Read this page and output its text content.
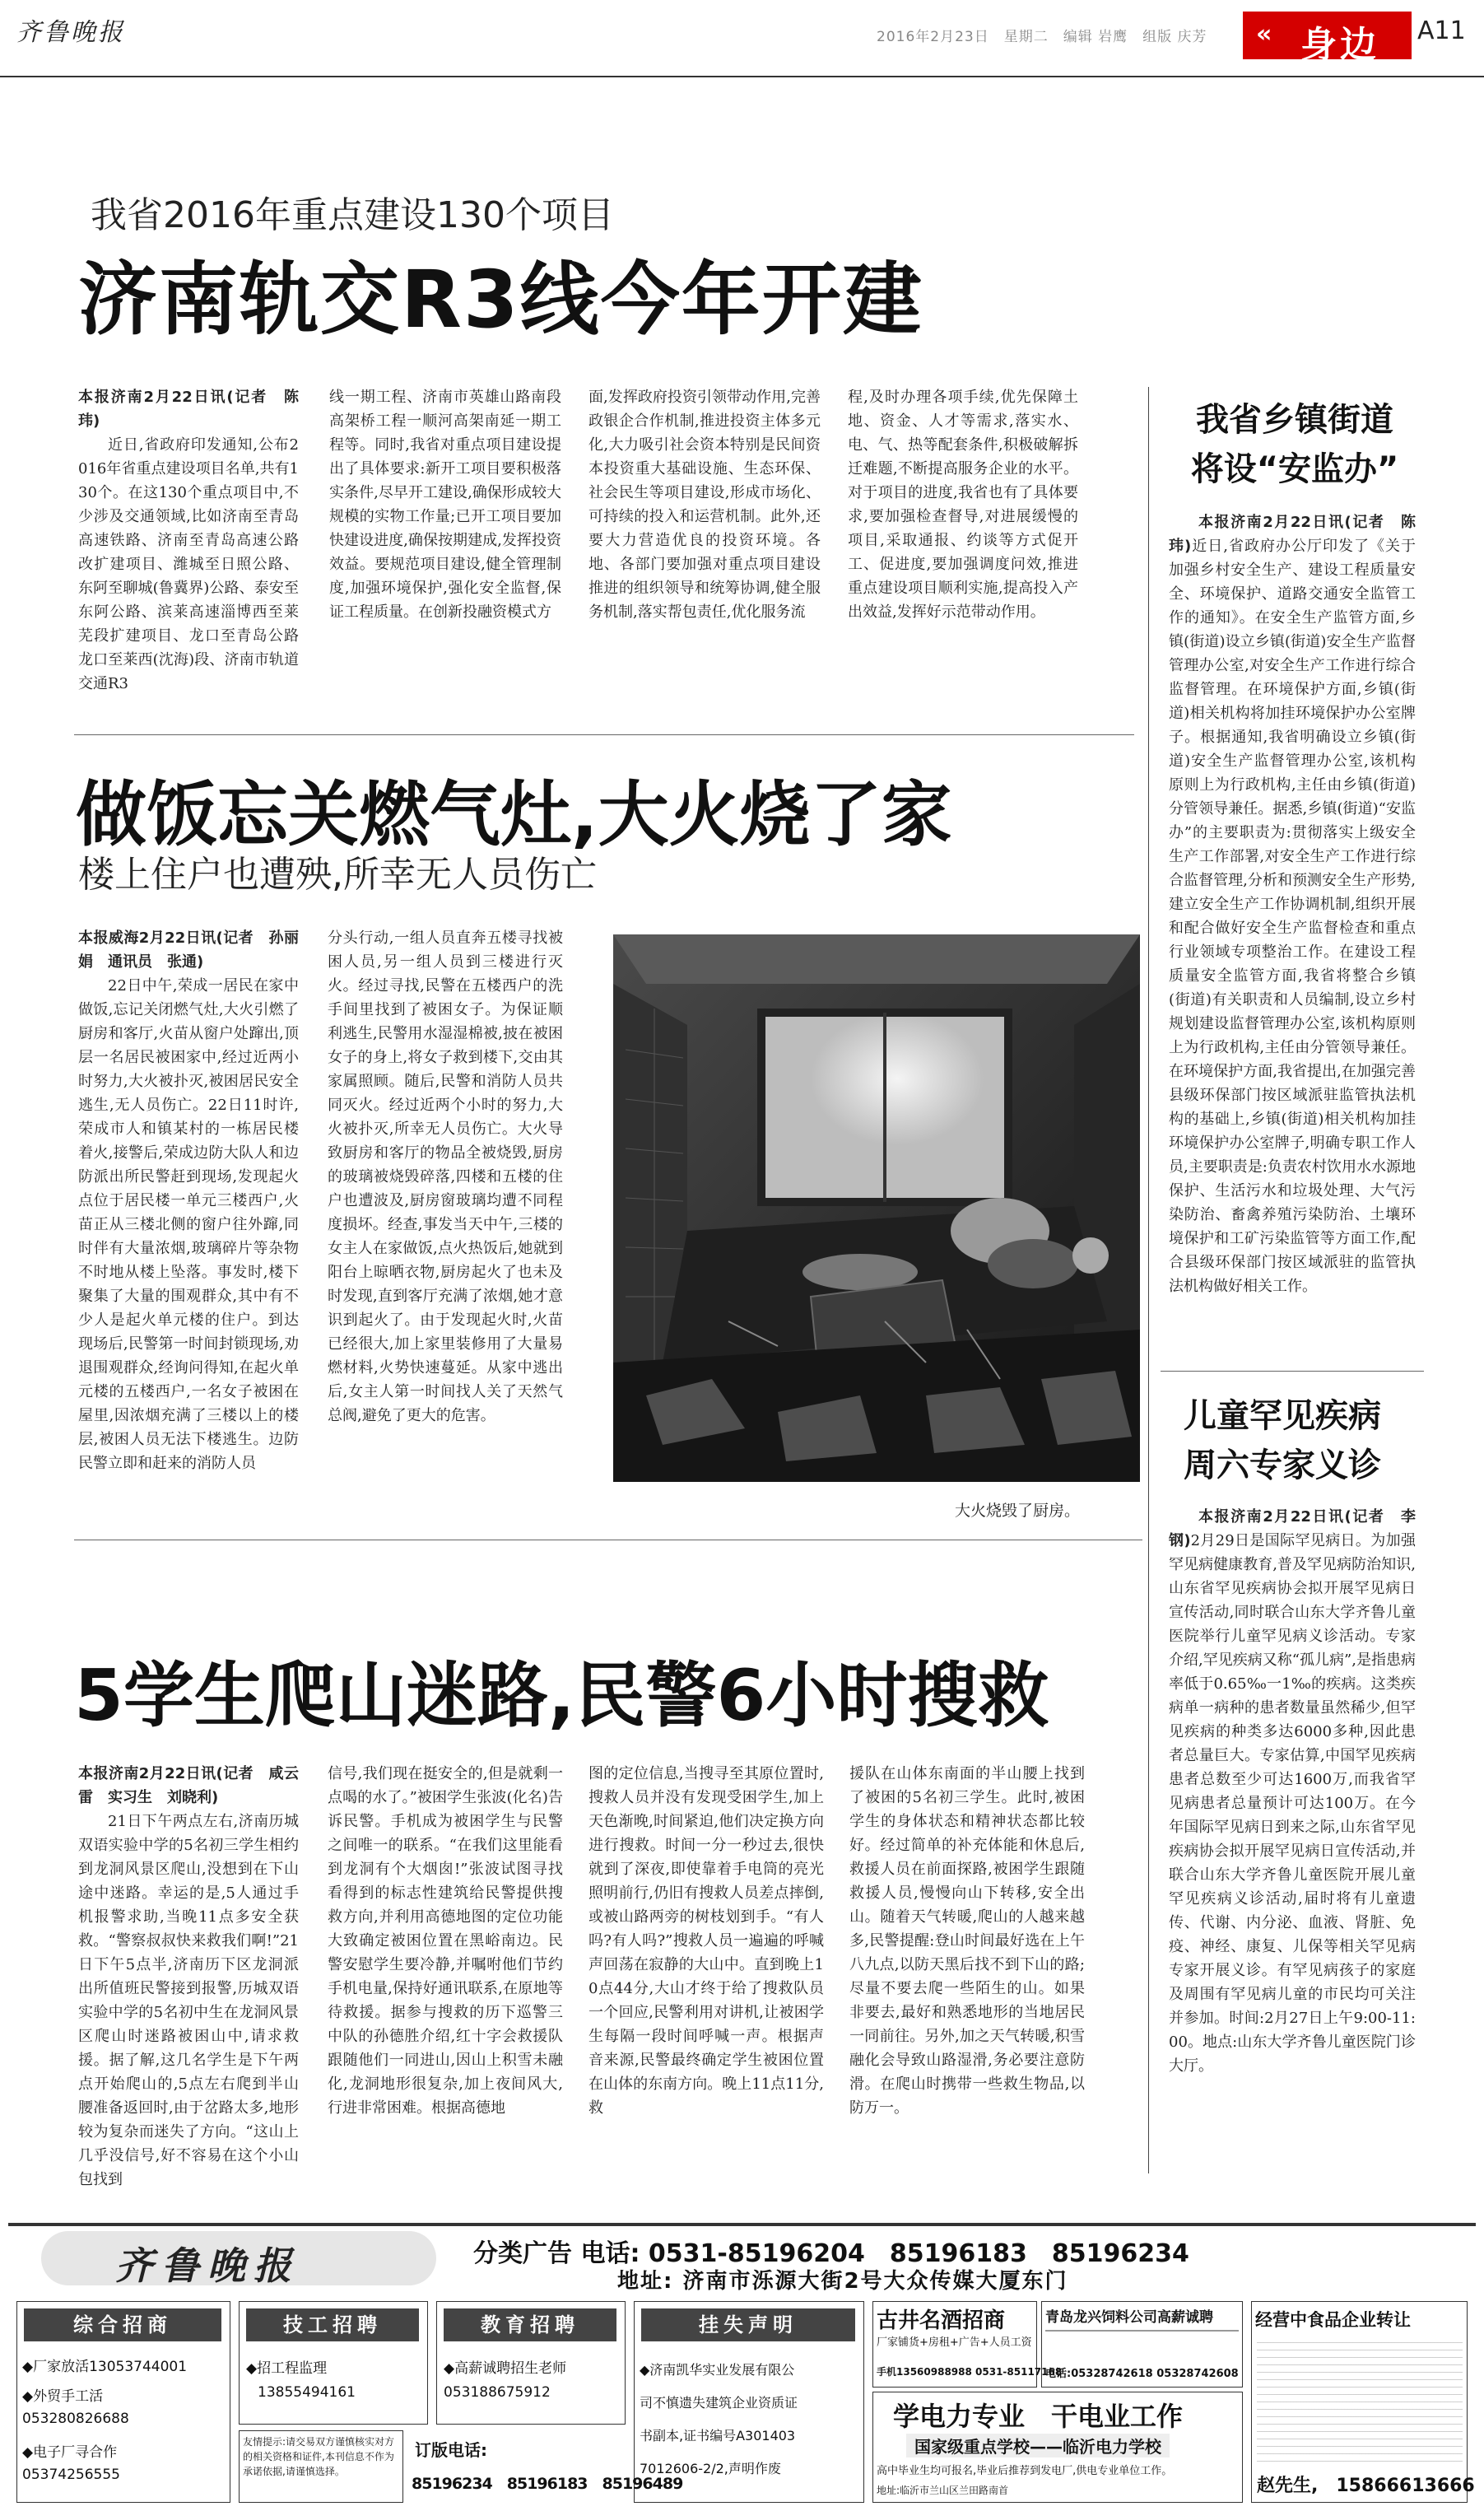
齐鲁晚报	2016年2月23日　星期二　编辑 岩鹰　组版 庆芳 « 身边 A11
我省2016年重点建设130个项目
济南轨交R3线今年开建

本报济南2月22日讯(记者　陈玮)

近日,省政府印发通知,公布2016年省重点建设项目名单,共有130个。在这130个重点项目中,不少涉及交通领域,比如济南至青岛高速铁路、济南至青岛高速公路改扩建项目、潍城至日照公路、东阿至聊城(鲁冀界)公路、泰安至东阿公路、滨莱高速淄博西至莱芜段扩建项目、龙口至青岛公路龙口至莱西(沈海)段、济南市轨道交通R3

线一期工程、济南市英雄山路南段高架桥工程一顺河高架南延一期工程等。同时,我省对重点项目建设提出了具体要求:新开工项目要积极落实条件,尽早开工建设,确保形成较大规模的实物工作量;已开工项目要加快建设进度,确保按期建成,发挥投资效益。要规范项目建设,健全管理制度,加强环境保护,强化安全监督,保证工程质量。在创新投融资模式方

面,发挥政府投资引领带动作用,完善政银企合作机制,推进投资主体多元化,大力吸引社会资本特别是民间资本投资重大基础设施、生态环保、社会民生等项目建设,形成市场化、可持续的投入和运营机制。此外,还要大力营造优良的投资环境。各地、各部门要加强对重点项目建设推进的组织领导和统筹协调,健全服务机制,落实帮包责任,优化服务流

程,及时办理各项手续,优先保障土地、资金、人才等需求,落实水、电、气、热等配套条件,积极破解拆迁难题,不断提高服务企业的水平。对于项目的进度,我省也有了具体要求,要加强检查督导,对进展缓慢的项目,采取通报、约谈等方式促开工、促进度,要加强调度问效,推进重点建设项目顺利实施,提高投入产出效益,发挥好示范带动作用。

我省乡镇街道
将设“安监办”

本报济南2月22日讯(记者　陈玮)近日,省政府办公厅印发了《关于加强乡村安全生产、建设工程质量安全、环境保护、道路交通安全监管工作的通知》。在安全生产监管方面,乡镇(街道)设立乡镇(街道)安全生产监督管理办公室,对安全生产工作进行综合监督管理。在环境保护方面,乡镇(街道)相关机构将加挂环境保护办公室牌子。根据通知,我省明确设立乡镇(街道)安全生产监督管理办公室,该机构原则上为行政机构,主任由乡镇(街道)分管领导兼任。据悉,乡镇(街道)“安监办”的主要职责为:贯彻落实上级安全生产工作部署,对安全生产工作进行综合监督管理,分析和预测安全生产形势,建立安全生产工作协调机制,组织开展和配合做好安全生产监督检查和重点行业领域专项整治工作。在建设工程质量安全监管方面,我省将整合乡镇(街道)有关职责和人员编制,设立乡村规划建设监督管理办公室,该机构原则上为行政机构,主任由分管领导兼任。在环境保护方面,我省提出,在加强完善县级环保部门按区域派驻监管执法机构的基础上,乡镇(街道)相关机构加挂环境保护办公室牌子,明确专职工作人员,主要职责是:负责农村饮用水水源地保护、生活污水和垃圾处理、大气污染防治、畜禽养殖污染防治、土壤环境保护和工矿污染监管等方面工作,配合县级环保部门按区域派驻的监管执法机构做好相关工作。

做饭忘关燃气灶,大火烧了家
楼上住户也遭殃,所幸无人员伤亡

本报威海2月22日讯(记者　孙丽娟　通讯员　张通)

22日中午,荣成一居民在家中做饭,忘记关闭燃气灶,大火引燃了厨房和客厅,火苗从窗户处蹿出,顶层一名居民被困家中,经过近两小时努力,大火被扑灭,被困居民安全逃生,无人员伤亡。22日11时许,荣成市人和镇某村的一栋居民楼着火,接警后,荣成边防大队人和边防派出所民警赶到现场,发现起火点位于居民楼一单元三楼西户,火苗正从三楼北侧的窗户往外蹿,同时伴有大量浓烟,玻璃碎片等杂物不时地从楼上坠落。事发时,楼下聚集了大量的围观群众,其中有不少人是起火单元楼的住户。到达现场后,民警第一时间封锁现场,劝退围观群众,经询问得知,在起火单元楼的五楼西户,一名女子被困在屋里,因浓烟充满了三楼以上的楼层,被困人员无法下楼逃生。边防民警立即和赶来的消防人员

分头行动,一组人员直奔五楼寻找被困人员,另一组人员到三楼进行灭火。经过寻找,民警在五楼西户的洗手间里找到了被困女子。为保证顺利逃生,民警用水湿湿棉被,披在被困女子的身上,将女子救到楼下,交由其家属照顾。随后,民警和消防人员共同灭火。经过近两个小时的努力,大火被扑灭,所幸无人员伤亡。大火导致厨房和客厅的物品全被烧毁,厨房的玻璃被烧毁碎落,四楼和五楼的住户也遭波及,厨房窗玻璃均遭不同程度损坏。经查,事发当天中午,三楼的女主人在家做饭,点火热饭后,她就到阳台上晾晒衣物,厨房起火了也未及时发现,直到客厅充满了浓烟,她才意识到起火了。由于发现起火时,火苗已经很大,加上家里装修用了大量易燃材料,火势快速蔓延。从家中逃出后,女主人第一时间找人关了天然气总阀,避免了更大的危害。

大火烧毁了厨房。
儿童罕见疾病
周六专家义诊

本报济南2月22日讯(记者　李钢)2月29日是国际罕见病日。为加强罕见病健康教育,普及罕见病防治知识,山东省罕见疾病协会拟开展罕见病日宣传活动,同时联合山东大学齐鲁儿童医院举行儿童罕见病义诊活动。专家介绍,罕见疾病又称“孤儿病”,是指患病率低于0.65‰一1‰的疾病。这类疾病单一病种的患者数量虽然稀少,但罕见疾病的种类多达6000多种,因此患者总量巨大。专家估算,中国罕见疾病患者总数至少可达1600万,而我省罕见病患者总量预计可达100万。在今年国际罕见病日到来之际,山东省罕见疾病协会拟开展罕见病日宣传活动,并联合山东大学齐鲁儿童医院开展儿童罕见疾病义诊活动,届时将有儿童遗传、代谢、内分泌、血液、肾脏、免疫、神经、康复、儿保等相关罕见病专家开展义诊。有罕见病孩子的家庭及周围有罕见病儿童的市民均可关注并参加。时间:2月27日上午9:00-11:00。地点:山东大学齐鲁儿童医院门诊大厅。

5学生爬山迷路,民警6小时搜救

本报济南2月22日讯(记者　咸云雷　实习生　刘晓利)

21日下午两点左右,济南历城双语实验中学的5名初三学生相约到龙洞风景区爬山,没想到在下山途中迷路。幸运的是,5人通过手机报警求助,当晚11点多安全获救。“警察叔叔快来救我们啊!”21日下午5点半,济南历下区龙洞派出所值班民警接到报警,历城双语实验中学的5名初中生在龙洞风景区爬山时迷路被困山中,请求救援。据了解,这几名学生是下午两点开始爬山的,5点左右爬到半山腰准备返回时,由于岔路太多,地形较为复杂而迷失了方向。“这山上几乎没信号,好不容易在这个小山包找到

信号,我们现在挺安全的,但是就剩一点喝的水了。”被困学生张波(化名)告诉民警。手机成为被困学生与民警之间唯一的联系。“在我们这里能看到龙洞有个大烟囱!”张波试图寻找看得到的标志性建筑给民警提供搜救方向,并利用高德地图的定位功能大致确定被困位置在黑峪南边。民警安慰学生要冷静,并嘱咐他们节约手机电量,保持好通讯联系,在原地等待救援。据参与搜救的历下巡警三中队的孙德胜介绍,红十字会救援队跟随他们一同进山,因山上积雪未融化,龙洞地形很复杂,加上夜间风大,行进非常困难。根据高德地

图的定位信息,当搜寻至其原位置时,搜救人员并没有发现受困学生,加上天色渐晚,时间紧迫,他们决定换方向进行搜救。时间一分一秒过去,很快就到了深夜,即使靠着手电筒的亮光照明前行,仍旧有搜救人员差点摔倒,或被山路两旁的树枝划到手。“有人吗?有人吗?”搜救人员一遍遍的呼喊声回荡在寂静的大山中。直到晚上10点44分,大山才终于给了搜救队员一个回应,民警利用对讲机,让被困学生每隔一段时间呼喊一声。根据声音来源,民警最终确定学生被困位置在山体的东南方向。晚上11点11分,救

援队在山体东南面的半山腰上找到了被困的5名初三学生。此时,被困学生的身体状态和精神状态都比较好。经过简单的补充体能和休息后,救援人员在前面探路,被困学生跟随救援人员,慢慢向山下转移,安全出山。随着天气转暖,爬山的人越来越多,民警提醒:登山时间最好选在上午八九点,以防天黑后找不到下山的路;尽量不要去爬一些陌生的山。如果非要去,最好和熟悉地形的当地居民一同前往。另外,加之天气转暖,积雪融化会导致山路湿滑,务必要注意防滑。在爬山时携带一些救生物品,以防万一。

齐鲁晚报	分类广告 电话: 0531-85196204　85196183　85196234
地址: 济南市泺源大街2号大众传媒大厦东门
综合招商
◆厂家放活13053744001
◆外贸手工活
053280826688
◆电子厂寻合作
05374256555
技工招聘
◆招工程监理
13855494161
教育招聘
◆高薪诚聘招生老师
053188675912
挂失声明
◆济南凯华实业发展有限公
司不慎遗失建筑企业资质证
书副本,证书编号A301403
7012606-2/2,声明作废
友情提示:请交易双方谨慎核实对方的相关资格和证件,本刊信息不作为承诺依据,请谨慎选择。
订版电话:
85196234　85196183　85196489
古井名酒招商
厂家铺货+房租+广告+人员工资
手机13560988988 0531-85117168
青岛龙兴饲料公司高薪诚聘
电话:05328742618 05328742608
学电力专业　干电业工作
国家级重点学校——临沂电力学校
高中毕业生均可报名,毕业后推荐到发电厂,供电专业单位工作。
地址:临沂市兰山区兰田路南首
经营中食品企业转让
赵先生,　15866613666
